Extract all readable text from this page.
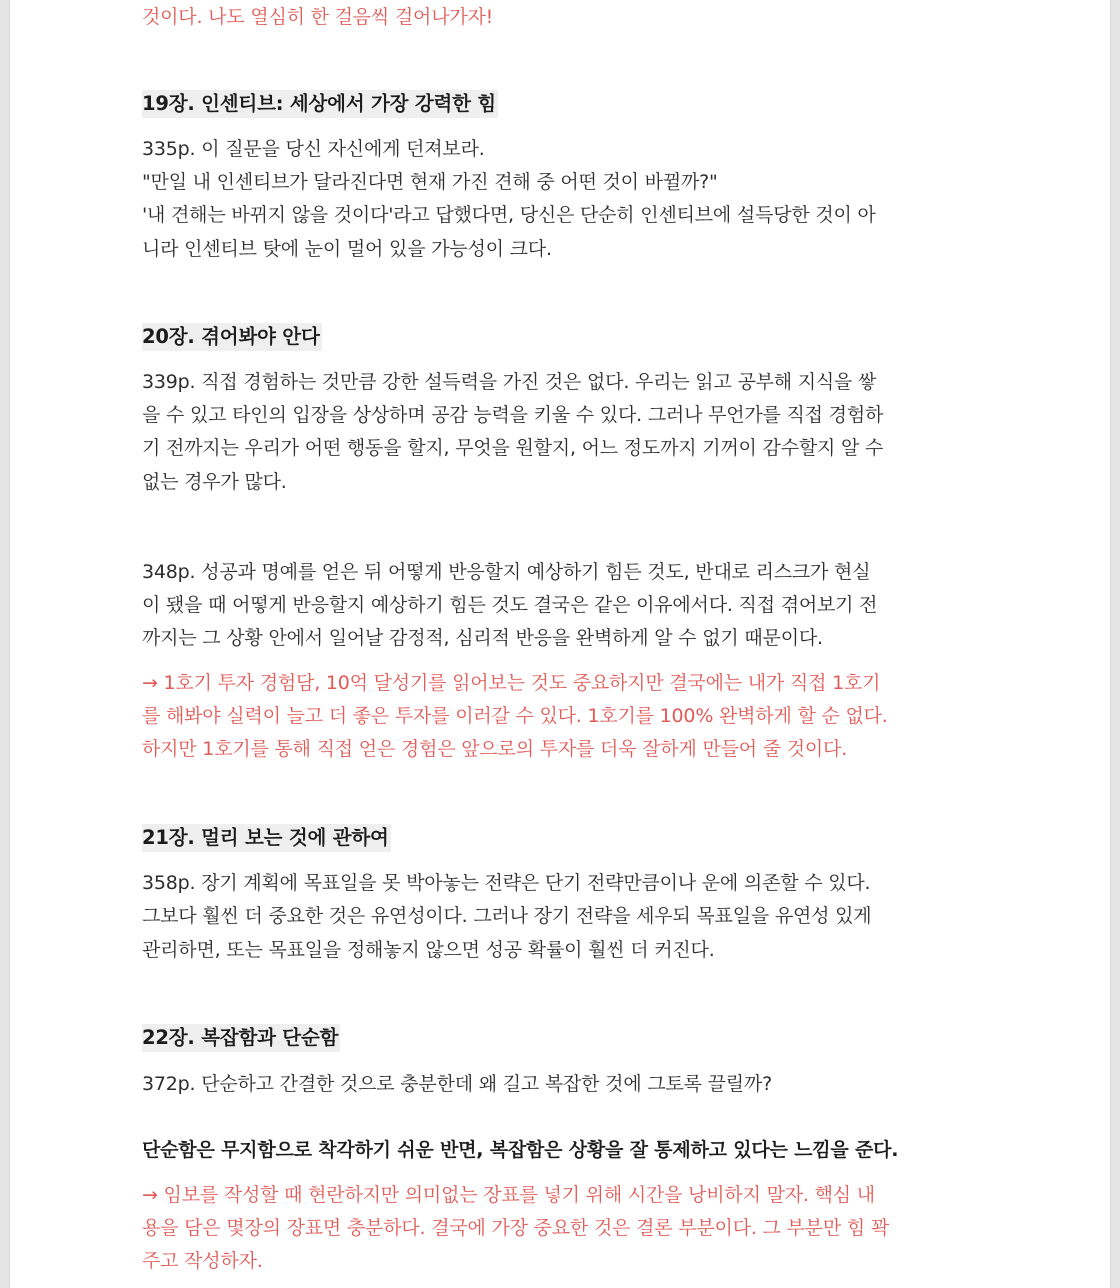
것이다. 나도 열심히 한 걸음씩 걸어나가자!
19장. 인센티브: 세상에서 가장 강력한 힘
335p. 이 질문을 당신 자신에게 던져보라.
"만일 내 인센티브가 달라진다면 현재 가진 견해 중 어떤 것이 바뀔까?"
'내 견해는 바뀌지 않을 것이다'라고 답했다면, 당신은 단순히 인센티브에 설득당한 것이 아
니라 인센티브 탓에 눈이 멀어 있을 가능성이 크다.
20장. 겪어봐야 안다
339p. 직접 경험하는 것만큼 강한 설득력을 가진 것은 없다. 우리는 읽고 공부해 지식을 쌓
을 수 있고 타인의 입장을 상상하며 공감 능력을 키울 수 있다. 그러나 무언가를 직접 경험하
기 전까지는 우리가 어떤 행동을 할지, 무엇을 원할지, 어느 정도까지 기꺼이 감수할지 알 수
없는 경우가 많다.
348p. 성공과 명예를 얻은 뒤 어떻게 반응할지 예상하기 힘든 것도, 반대로 리스크가 현실
이 됐을 때 어떻게 반응할지 예상하기 힘든 것도 결국은 같은 이유에서다. 직접 겪어보기 전
까지는 그 상황 안에서 일어날 감정적, 심리적 반응을 완벽하게 알 수 없기 때문이다.
→ 1호기 투자 경험담, 10억 달성기를 읽어보는 것도 중요하지만 결국에는 내가 직접 1호기
를 해봐야 실력이 늘고 더 좋은 투자를 이러갈 수 있다. 1호기를 100% 완벽하게 할 순 없다.
하지만 1호기를 통해 직접 얻은 경험은 앞으로의 투자를 더욱 잘하게 만들어 줄 것이다.
21장. 멀리 보는 것에 관하여
358p. 장기 계획에 목표일을 못 박아놓는 전략은 단기 전략만큼이나 운에 의존할 수 있다.
그보다 훨씬 더 중요한 것은 유연성이다. 그러나 장기 전략을 세우되 목표일을 유연성 있게
관리하면, 또는 목표일을 정해놓지 않으면 성공 확률이 훨씬 더 커진다.
22장. 복잡함과 단순함
372p. 단순하고 간결한 것으로 충분한데 왜 길고 복잡한 것에 그토록 끌릴까?
단순함은 무지함으로 착각하기 쉬운 반면, 복잡함은 상황을 잘 통제하고 있다는 느낌을 준다.
→ 임보를 작성할 때 현란하지만 의미없는 장표를 넣기 위해 시간을 낭비하지 말자. 핵심 내
용을 담은 몇장의 장표면 충분하다. 결국에 가장 중요한 것은 결론 부분이다. 그 부분만 힘 꽉
주고 작성하자.
